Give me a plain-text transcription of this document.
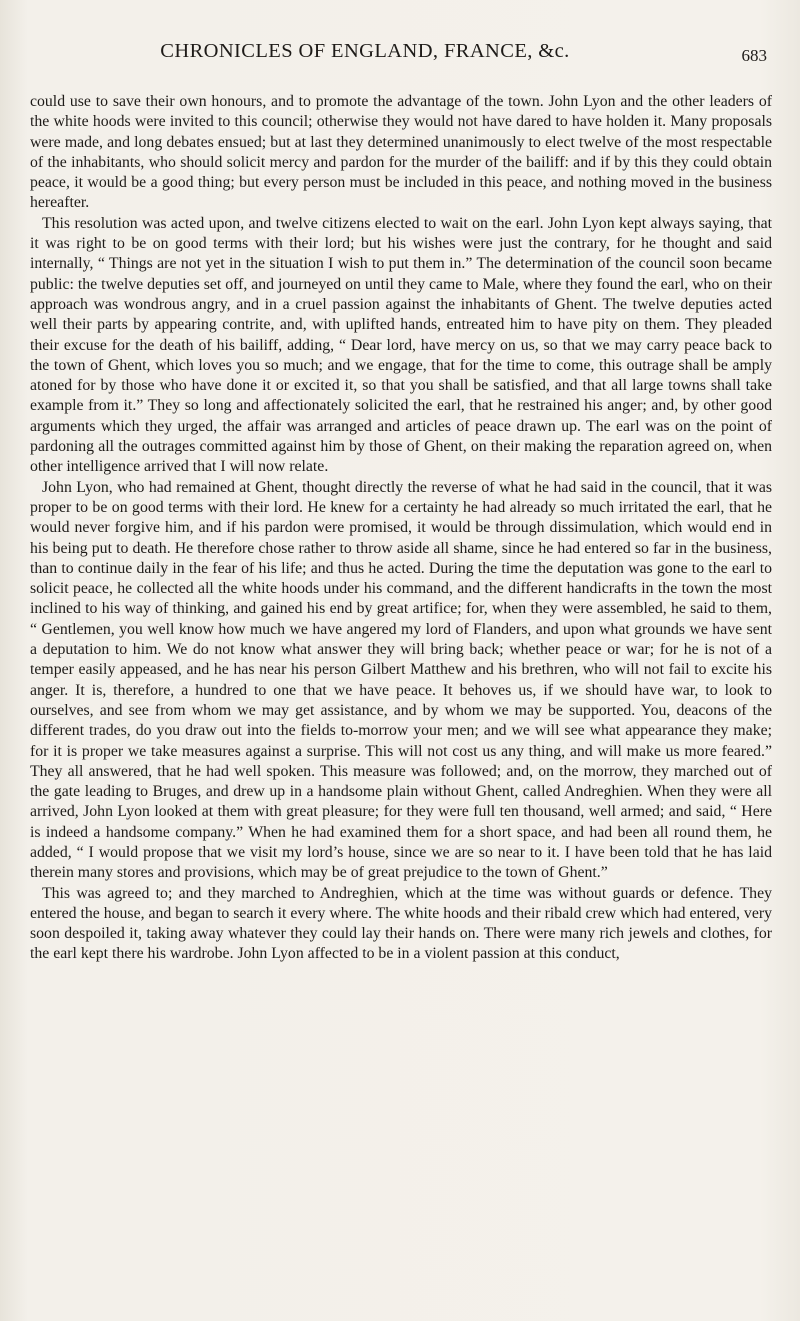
CHRONICLES OF ENGLAND, FRANCE, &c.	683

could use to save their own honours, and to promote the advantage of the town. John Lyon and the other leaders of the white hoods were invited to this council; otherwise they would not have dared to have holden it. Many proposals were made, and long debates ensued; but at last they determined unanimously to elect twelve of the most respectable of the inhabitants, who should solicit mercy and pardon for the murder of the bailiff: and if by this they could obtain peace, it would be a good thing; but every person must be included in this peace, and nothing moved in the business hereafter.

This resolution was acted upon, and twelve citizens elected to wait on the earl. John Lyon kept always saying, that it was right to be on good terms with their lord; but his wishes were just the contrary, for he thought and said internally, “ Things are not yet in the situation I wish to put them in.” The determination of the council soon became public: the twelve deputies set off, and journeyed on until they came to Male, where they found the earl, who on their approach was wondrous angry, and in a cruel passion against the inhabitants of Ghent. The twelve deputies acted well their parts by appearing contrite, and, with uplifted hands, entreated him to have pity on them. They pleaded their excuse for the death of his bailiff, adding, “ Dear lord, have mercy on us, so that we may carry peace back to the town of Ghent, which loves you so much; and we engage, that for the time to come, this outrage shall be amply atoned for by those who have done it or excited it, so that you shall be satisfied, and that all large towns shall take example from it.” They so long and affectionately solicited the earl, that he restrained his anger; and, by other good arguments which they urged, the affair was arranged and articles of peace drawn up. The earl was on the point of pardoning all the outrages committed against him by those of Ghent, on their making the reparation agreed on, when other intelligence arrived that I will now relate.

John Lyon, who had remained at Ghent, thought directly the reverse of what he had said in the council, that it was proper to be on good terms with their lord. He knew for a certainty he had already so much irritated the earl, that he would never forgive him, and if his pardon were promised, it would be through dissimulation, which would end in his being put to death. He therefore chose rather to throw aside all shame, since he had entered so far in the business, than to continue daily in the fear of his life; and thus he acted. During the time the deputation was gone to the earl to solicit peace, he collected all the white hoods under his command, and the different handicrafts in the town the most inclined to his way of thinking, and gained his end by great artifice; for, when they were assembled, he said to them, “ Gentlemen, you well know how much we have angered my lord of Flanders, and upon what grounds we have sent a deputation to him. We do not know what answer they will bring back; whether peace or war; for he is not of a temper easily appeased, and he has near his person Gilbert Matthew and his brethren, who will not fail to excite his anger. It is, therefore, a hundred to one that we have peace. It behoves us, if we should have war, to look to ourselves, and see from whom we may get assistance, and by whom we may be supported. You, deacons of the different trades, do you draw out into the fields to-morrow your men; and we will see what appearance they make; for it is proper we take measures against a surprise. This will not cost us any thing, and will make us more feared.” They all answered, that he had well spoken. This measure was followed; and, on the morrow, they marched out of the gate leading to Bruges, and drew up in a handsome plain without Ghent, called Andreghien. When they were all arrived, John Lyon looked at them with great pleasure; for they were full ten thousand, well armed; and said, “ Here is indeed a handsome company.” When he had examined them for a short space, and had been all round them, he added, “ I would propose that we visit my lord’s house, since we are so near to it. I have been told that he has laid therein many stores and provisions, which may be of great prejudice to the town of Ghent.”

This was agreed to; and they marched to Andreghien, which at the time was without guards or defence. They entered the house, and began to search it every where. The white hoods and their ribald crew which had entered, very soon despoiled it, taking away whatever they could lay their hands on. There were many rich jewels and clothes, for the earl kept there his wardrobe. John Lyon affected to be in a violent passion at this conduct,
